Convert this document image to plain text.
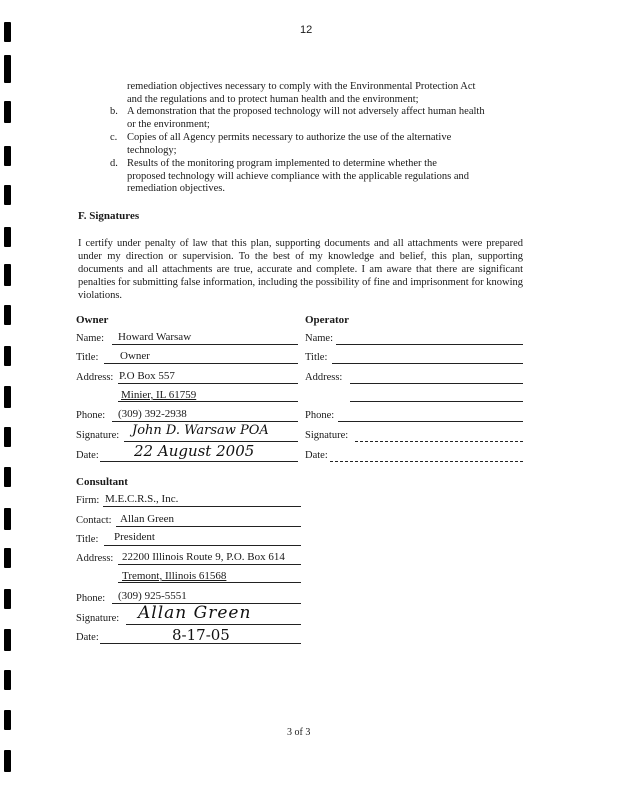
12
remediation objectives necessary to comply with the Environmental Protection Act
and the regulations and to protect human health and the environment;
b. A demonstration that the proposed technology will not adversely affect human health
or the environment;
c. Copies of all Agency permits necessary to authorize the use of the alternative
technology;
d. Results of the monitoring program implemented to determine whether the
proposed technology will achieve compliance with the applicable regulations and
remediation objectives.
F. Signatures
I certify under penalty of law that this plan, supporting documents and all attachments were prepared under my direction or supervision. To the best of my knowledge and belief, this plan, supporting documents and all attachments are true, accurate and complete. I am aware that there are significant penalties for submitting false information, including the possibility of fine and imprisonment for knowing violations.
Owner
Name: Howard Warsaw
Title: Owner
Address: P.O Box 557
Minier, IL 61759
Phone: (309) 392-2938
Signature: John D. Warsaw POA
Date: 22 August 2005
Operator
Name:
Title:
Address:
Phone:
Signature:
Date:
Consultant
Firm: M.E.C.R.S., Inc.
Contact: Allan Green
Title: President
Address: 22200 Illinois Route 9, P.O. Box 614
Tremont, Illinois 61568
Phone: (309) 925-5551
Signature: Allan Green
Date:	8-17-05
3 of 3
